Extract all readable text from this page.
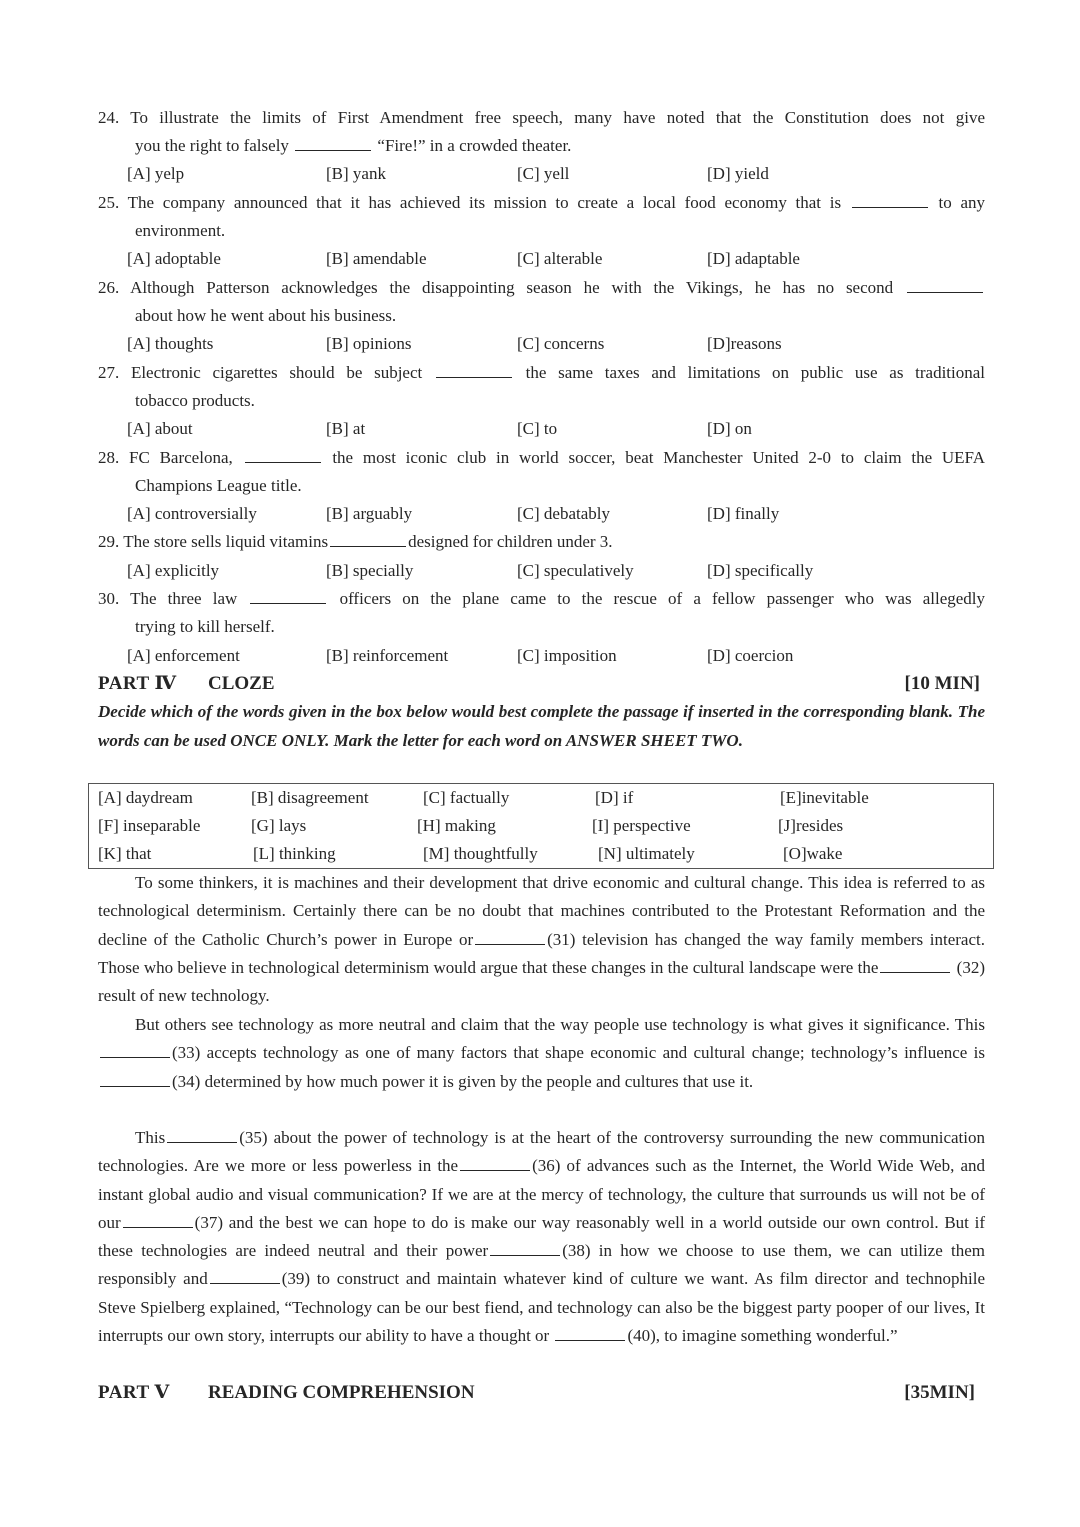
24. To illustrate the limits of First Amendment free speech, many have noted that the Constitution does not give
you the right to falsely	“Fire!” in a crowded theater.
[A] yelp	[B] yank	[C] yell	[D] yield
25. The company announced that it has achieved its mission to create a local food economy that is	to any
environment.
[A] adoptable	[B] amendable	[C] alterable	[D] adaptable
26. Although Patterson acknowledges the disappointing season he with the Vikings, he has no second
about how he went about his business.
[A] thoughts	[B] opinions	[C] concerns	[D]reasons
27. Electronic cigarettes should be subject	the same taxes and limitations on public use as traditional
tobacco products.
[A] about	[B] at	[C] to	[D] on
28. FC Barcelona,	the most iconic club in world soccer, beat Manchester United 2-0 to claim the UEFA
Champions League title.
[A] controversially	[B] arguably	[C] debatably	[D] finally
29. The store sells liquid vitamins	designed for children under 3.
[A] explicitly	[B] specially	[C] speculatively	[D] specifically
30. The three law	officers on the plane came to the rescue of a fellow passenger who was allegedly
trying to kill herself.
[A] enforcement	[B] reinforcement	[C] imposition	[D] coercion
PART Ⅳ CLOZE	[10 MIN]
Decide which of the words given in the box below would best complete the passage if inserted in the corresponding blank. The words can be used ONCE ONLY. Mark the letter for each word on ANSWER SHEET TWO.
[A] daydream	[B] disagreement	[C] factually	[D] if	[E]inevitable
[F] inseparable	[G] lays	[H] making	[I] perspective	[J]resides
[K] that	[L] thinking	[M] thoughtfully	[N] ultimately	[O]wake

To some thinkers, it is machines and their development that drive economic and cultural change. This idea is referred to as technological determinism. Certainly there can be no doubt that machines contributed to the Protestant Reformation and the decline of the Catholic Church’s power in Europe or	(31) television has changed the way family members interact. Those who believe in technological determinism would argue that these changes in the cultural landscape were the	(32) result of new technology.

But others see technology as more neutral and claim that the way people use technology is what gives it significance. This (33) accepts technology as one of many factors that shape economic and cultural change; technology’s influence is (34) determined by how much power it is given by the people and cultures that use it.

This	(35) about the power of technology is at the heart of the controversy surrounding the new communication technologies. Are we more or less powerless in the	(36) of advances such as the Internet, the World Wide Web, and instant global audio and visual communication? If we are at the mercy of technology, the culture that surrounds us will not be of our	(37) and the best we can hope to do is make our way reasonably well in a world outside our own control. But if these technologies are indeed neutral and their power	(38) in how we choose to use them, we can utilize them responsibly and	(39) to construct and maintain whatever kind of culture we want. As film director and technophile Steve Spielberg explained, “Technology can be our best fiend, and technology can also be the biggest party pooper of our lives, It interrupts our own story, interrupts our ability to have a thought or	(40), to imagine something wonderful.”

PART Ⅴ READING COMPREHENSION	[35MIN]
